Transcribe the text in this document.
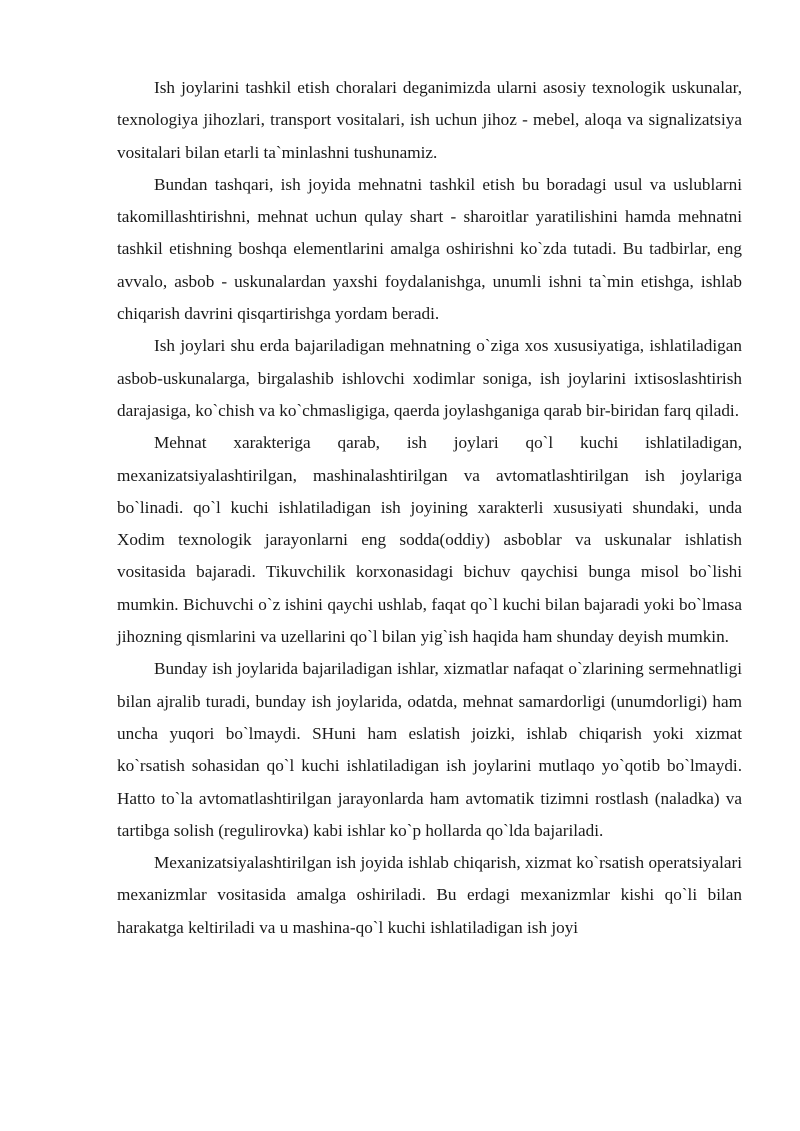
Ish joylarini tashkil etish choralari deganimizda ularni asosiy texnologik uskunalar, texnologiya jihozlari, transport vositalari, ish uchun jihoz - mebel, aloqa va signalizatsiya vositalari bilan etarli ta`minlashni tushunamiz.

Bundan tashqari, ish joyida mehnatni tashkil etish bu boradagi usul va uslublarni takomillashtirishni, mehnat uchun qulay shart - sharoitlar yaratilishini hamda mehnatni tashkil etishning boshqa elementlarini amalga oshirishni ko`zda tutadi. Bu tadbirlar, eng avvalo, asbob - uskunalardan yaxshi foydalanishga, unumli ishni ta`min etishga, ishlab chiqarish davrini qisqartirishga yordam beradi.

Ish joylari shu erda bajariladigan mehnatning o`ziga xos xususiyatiga, ishlatiladigan asbob-uskunalarga, birgalashib ishlovchi xodimlar soniga, ish joylarini ixtisoslashtirish darajasiga, ko`chish va ko`chmasligiga, qaerda joylashganiga qarab bir-biridan farq qiladi.

Mehnat xarakteriga qarab, ish joylari qo`l kuchi ishlatiladigan, mexanizatsiyalashtirilgan, mashinalashtirilgan va avtomatlashtirilgan ish joylariga bo`linadi. qo`l kuchi ishlatiladigan ish joyining xarakterli xususiyati shundaki, unda Xodim texnologik jarayonlarni eng sodda(oddiy) asboblar va uskunalar ishlatish vositasida bajaradi. Tikuvchilik korxonasidagi bichuv qaychisi bunga misol bo`lishi mumkin. Bichuvchi o`z ishini qaychi ushlab, faqat qo`l kuchi bilan bajaradi yoki bo`lmasa jihozning qismlarini va uzellarini qo`l bilan yig`ish haqida ham shunday deyish mumkin.

Bunday ish joylarida bajariladigan ishlar, xizmatlar nafaqat o`zlarining sermehnatligi bilan ajralib turadi, bunday ish joylarida, odatda, mehnat samardorligi (unumdorligi) ham uncha yuqori bo`lmaydi. SHuni ham eslatish joizki, ishlab chiqarish yoki xizmat ko`rsatish sohasidan qo`l kuchi ishlatiladigan ish joylarini mutlaqo yo`qotib bo`lmaydi. Hatto to`la avtomatlashtirilgan jarayonlarda ham avtomatik tizimni rostlash (naladka) va tartibga solish (regulirovka) kabi ishlar ko`p hollarda qo`lda bajariladi.

Mexanizatsiyalashtirilgan ish joyida ishlab chiqarish, xizmat ko`rsatish operatsiyalari mexanizmlar vositasida amalga oshiriladi. Bu erdagi mexanizmlar kishi qo`li bilan harakatga keltiriladi va u mashina-qo`l kuchi ishlatiladigan ish joyi
